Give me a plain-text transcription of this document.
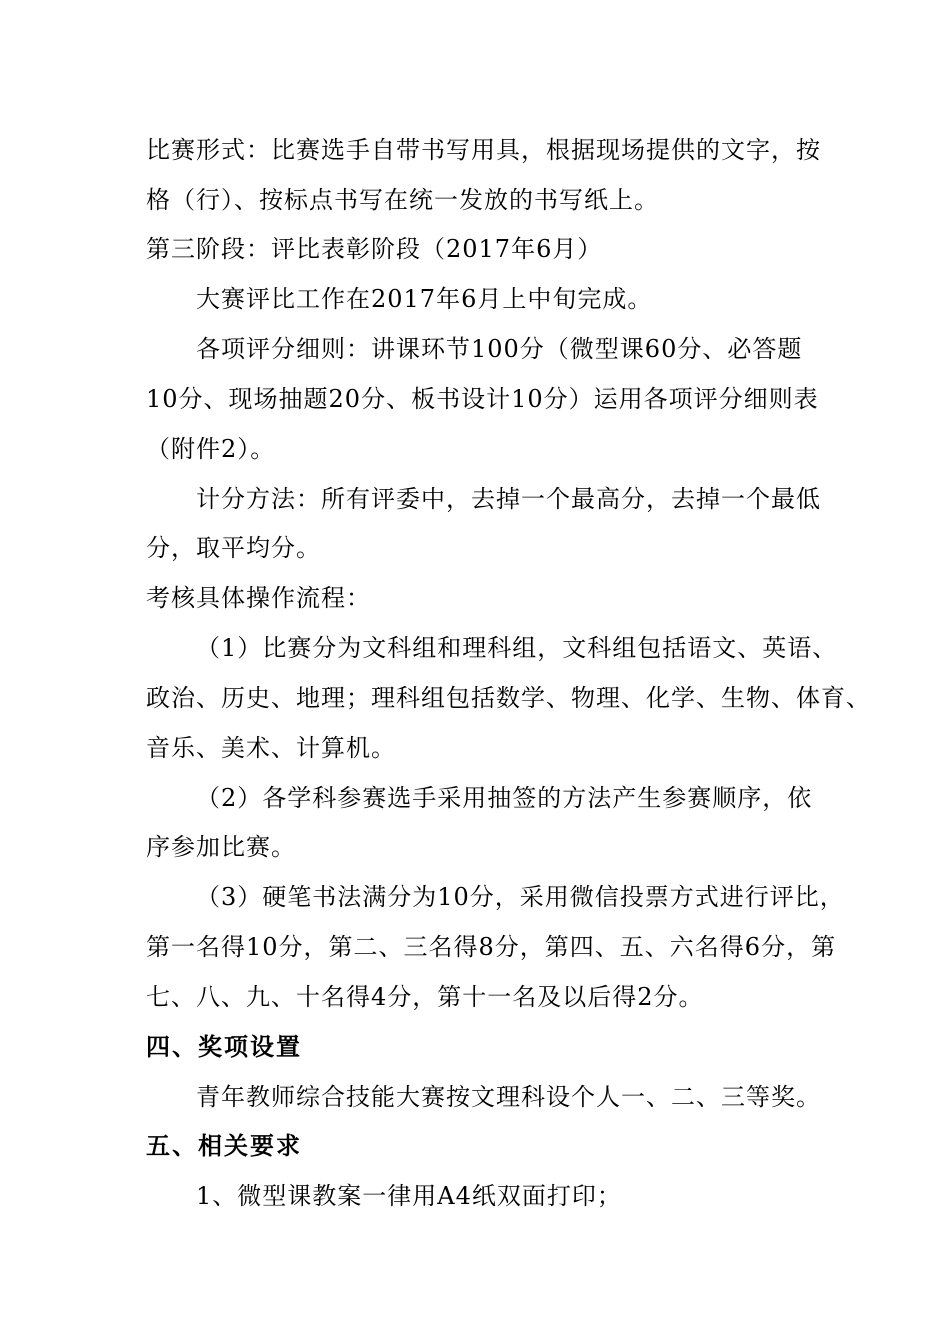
比赛形式：比赛选手自带书写用具，根据现场提供的文字，按
格（行）、按标点书写在统一发放的书写纸上。
第三阶段：评比表彰阶段（2017年6月）
大赛评比工作在2017年6月上中旬完成。
各项评分细则：讲课环节100分（微型课60分、必答题
10分、现场抽题20分、板书设计10分）运用各项评分细则表
（附件2）。
计分方法：所有评委中，去掉一个最高分，去掉一个最低
分，取平均分。
考核具体操作流程：
（1）比赛分为文科组和理科组，文科组包括语文、英语、
政治、历史、地理；理科组包括数学、物理、化学、生物、体育、
音乐、美术、计算机。
（2）各学科参赛选手采用抽签的方法产生参赛顺序，依
序参加比赛。
（3）硬笔书法满分为10分，采用微信投票方式进行评比，
第一名得10分，第二、三名得8分，第四、五、六名得6分，第
七、八、九、十名得4分，第十一名及以后得2分。
四、奖项设置
青年教师综合技能大赛按文理科设个人一、二、三等奖。
五、相关要求
1、微型课教案一律用A4纸双面打印；
